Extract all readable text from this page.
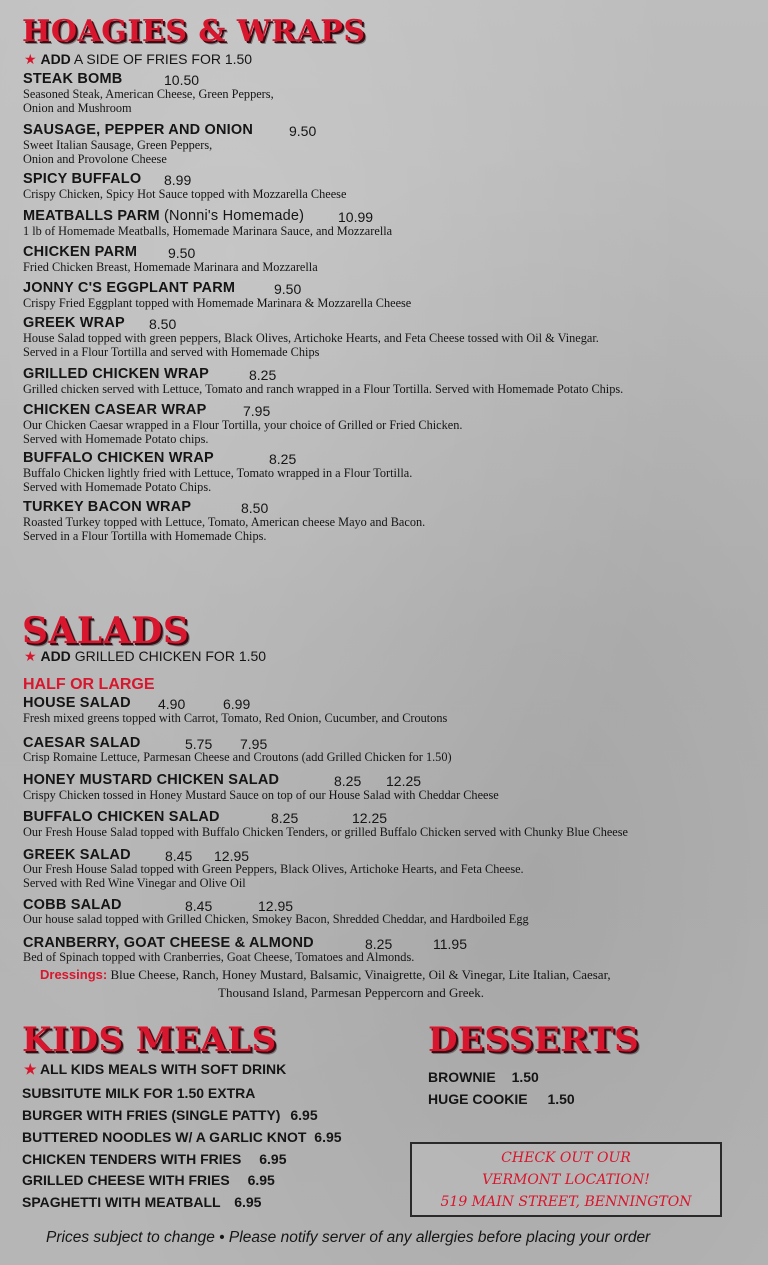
HOAGIES & WRAPS
★ ADD A SIDE OF FRIES FOR 1.50
STEAK BOMB	10.50
Seasoned Steak, American Cheese, Green Peppers,
Onion and Mushroom
SAUSAGE, PEPPER AND ONION	9.50
Sweet Italian Sausage, Green Peppers,
Onion and Provolone Cheese
SPICY BUFFALO 8.99
Crispy Chicken, Spicy Hot Sauce topped with Mozzarella Cheese
MEATBALLS PARM (Nonni's Homemade) 10.99
1 lb of Homemade Meatballs, Homemade Marinara Sauce, and Mozzarella
CHICKEN PARM 9.50
Fried Chicken Breast, Homemade Marinara and Mozzarella
JONNY C'S EGGPLANT PARM	9.50
Crispy Fried Eggplant topped with Homemade Marinara & Mozzarella Cheese
GREEK WRAP 8.50
House Salad topped with green peppers, Black Olives, Artichoke Hearts, and Feta Cheese tossed with Oil & Vinegar.
Served in a Flour Tortilla and served with Homemade Chips
GRILLED CHICKEN WRAP	8.25
Grilled chicken served with Lettuce, Tomato and ranch wrapped in a Flour Tortilla. Served with Homemade Potato Chips.
CHICKEN CASEAR WRAP	7.95
Our Chicken Caesar wrapped in a Flour Tortilla, your choice of Grilled or Fried Chicken.
Served with Homemade Potato chips.
BUFFALO CHICKEN WRAP	8.25
Buffalo Chicken lightly fried with Lettuce, Tomato wrapped in a Flour Tortilla.
Served with Homemade Potato Chips.
TURKEY BACON WRAP	8.50
Roasted Turkey topped with Lettuce, Tomato, American cheese Mayo and Bacon.
Served in a Flour Tortilla with Homemade Chips.
SALADS
★ ADD GRILLED CHICKEN FOR 1.50
HALF OR LARGE
HOUSE SALAD 4.90	6.99
Fresh mixed greens topped with Carrot, Tomato, Red Onion, Cucumber, and Croutons
CAESAR SALAD	5.75 7.95
Crisp Romaine Lettuce, Parmesan Cheese and Croutons (add Grilled Chicken for 1.50)
HONEY MUSTARD CHICKEN SALAD	8.25 12.25
Crispy Chicken tossed in Honey Mustard Sauce on top of our House Salad with Cheddar Cheese
BUFFALO CHICKEN SALAD	8.25	12.25
Our Fresh House Salad topped with Buffalo Chicken Tenders, or grilled Buffalo Chicken served with Chunky Blue Cheese
GREEK SALAD 8.45 12.95
Our Fresh House Salad topped with Green Peppers, Black Olives, Artichoke Hearts, and Feta Cheese.
Served with Red Wine Vinegar and Olive Oil
COBB SALAD	8.45	12.95
Our house salad topped with Grilled Chicken, Smokey Bacon, Shredded Cheddar, and Hardboiled Egg
CRANBERRY, GOAT CHEESE & ALMOND	8.25	11.95
Bed of Spinach topped with Cranberries, Goat Cheese, Tomatoes and Almonds.
Dressings: Blue Cheese, Ranch, Honey Mustard, Balsamic, Vinaigrette, Oil & Vinegar, Lite Italian, Caesar,
Thousand Island, Parmesan Peppercorn and Greek.
KIDS MEALS
★ ALL KIDS MEALS WITH SOFT DRINK
SUBSITUTE MILK FOR 1.50 EXTRA
BURGER WITH FRIES (SINGLE PATTY) 6.95
BUTTERED NOODLES W/ A GARLIC KNOT 6.95
CHICKEN TENDERS WITH FRIES 6.95
GRILLED CHEESE WITH FRIES 6.95
SPAGHETTI WITH MEATBALL 6.95
DESSERTS
BROWNIE 1.50
HUGE COOKIE 1.50
CHECK OUT OUR
VERMONT LOCATION!
519 MAIN STREET, BENNINGTON
Prices subject to change • Please notify server of any allergies before placing your order
